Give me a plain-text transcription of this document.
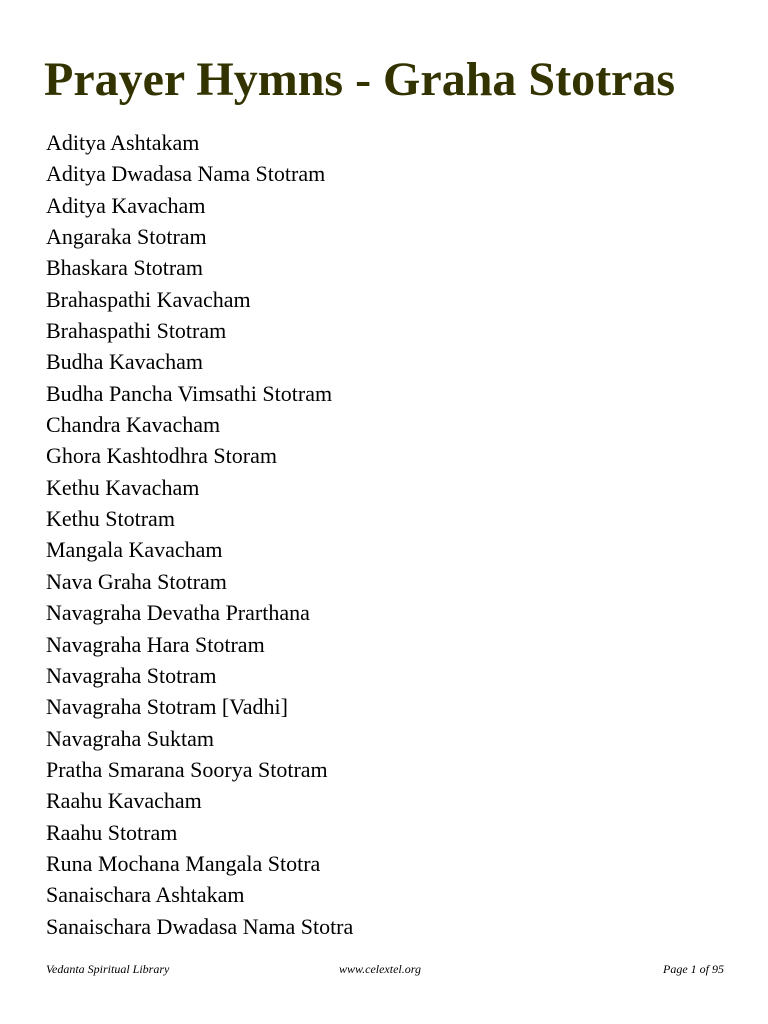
Prayer Hymns - Graha Stotras
Aditya Ashtakam
Aditya Dwadasa Nama Stotram
Aditya Kavacham
Angaraka Stotram
Bhaskara Stotram
Brahaspathi Kavacham
Brahaspathi Stotram
Budha Kavacham
Budha Pancha Vimsathi Stotram
Chandra Kavacham
Ghora Kashtodhra Storam
Kethu Kavacham
Kethu Stotram
Mangala Kavacham
Nava Graha Stotram
Navagraha Devatha Prarthana
Navagraha Hara Stotram
Navagraha Stotram
Navagraha Stotram [Vadhi]
Navagraha Suktam
Pratha Smarana Soorya Stotram
Raahu Kavacham
Raahu Stotram
Runa Mochana Mangala Stotra
Sanaischara Ashtakam
Sanaischara Dwadasa Nama Stotra
Vedanta Spiritual Library	www.celextel.org	Page 1 of 95
